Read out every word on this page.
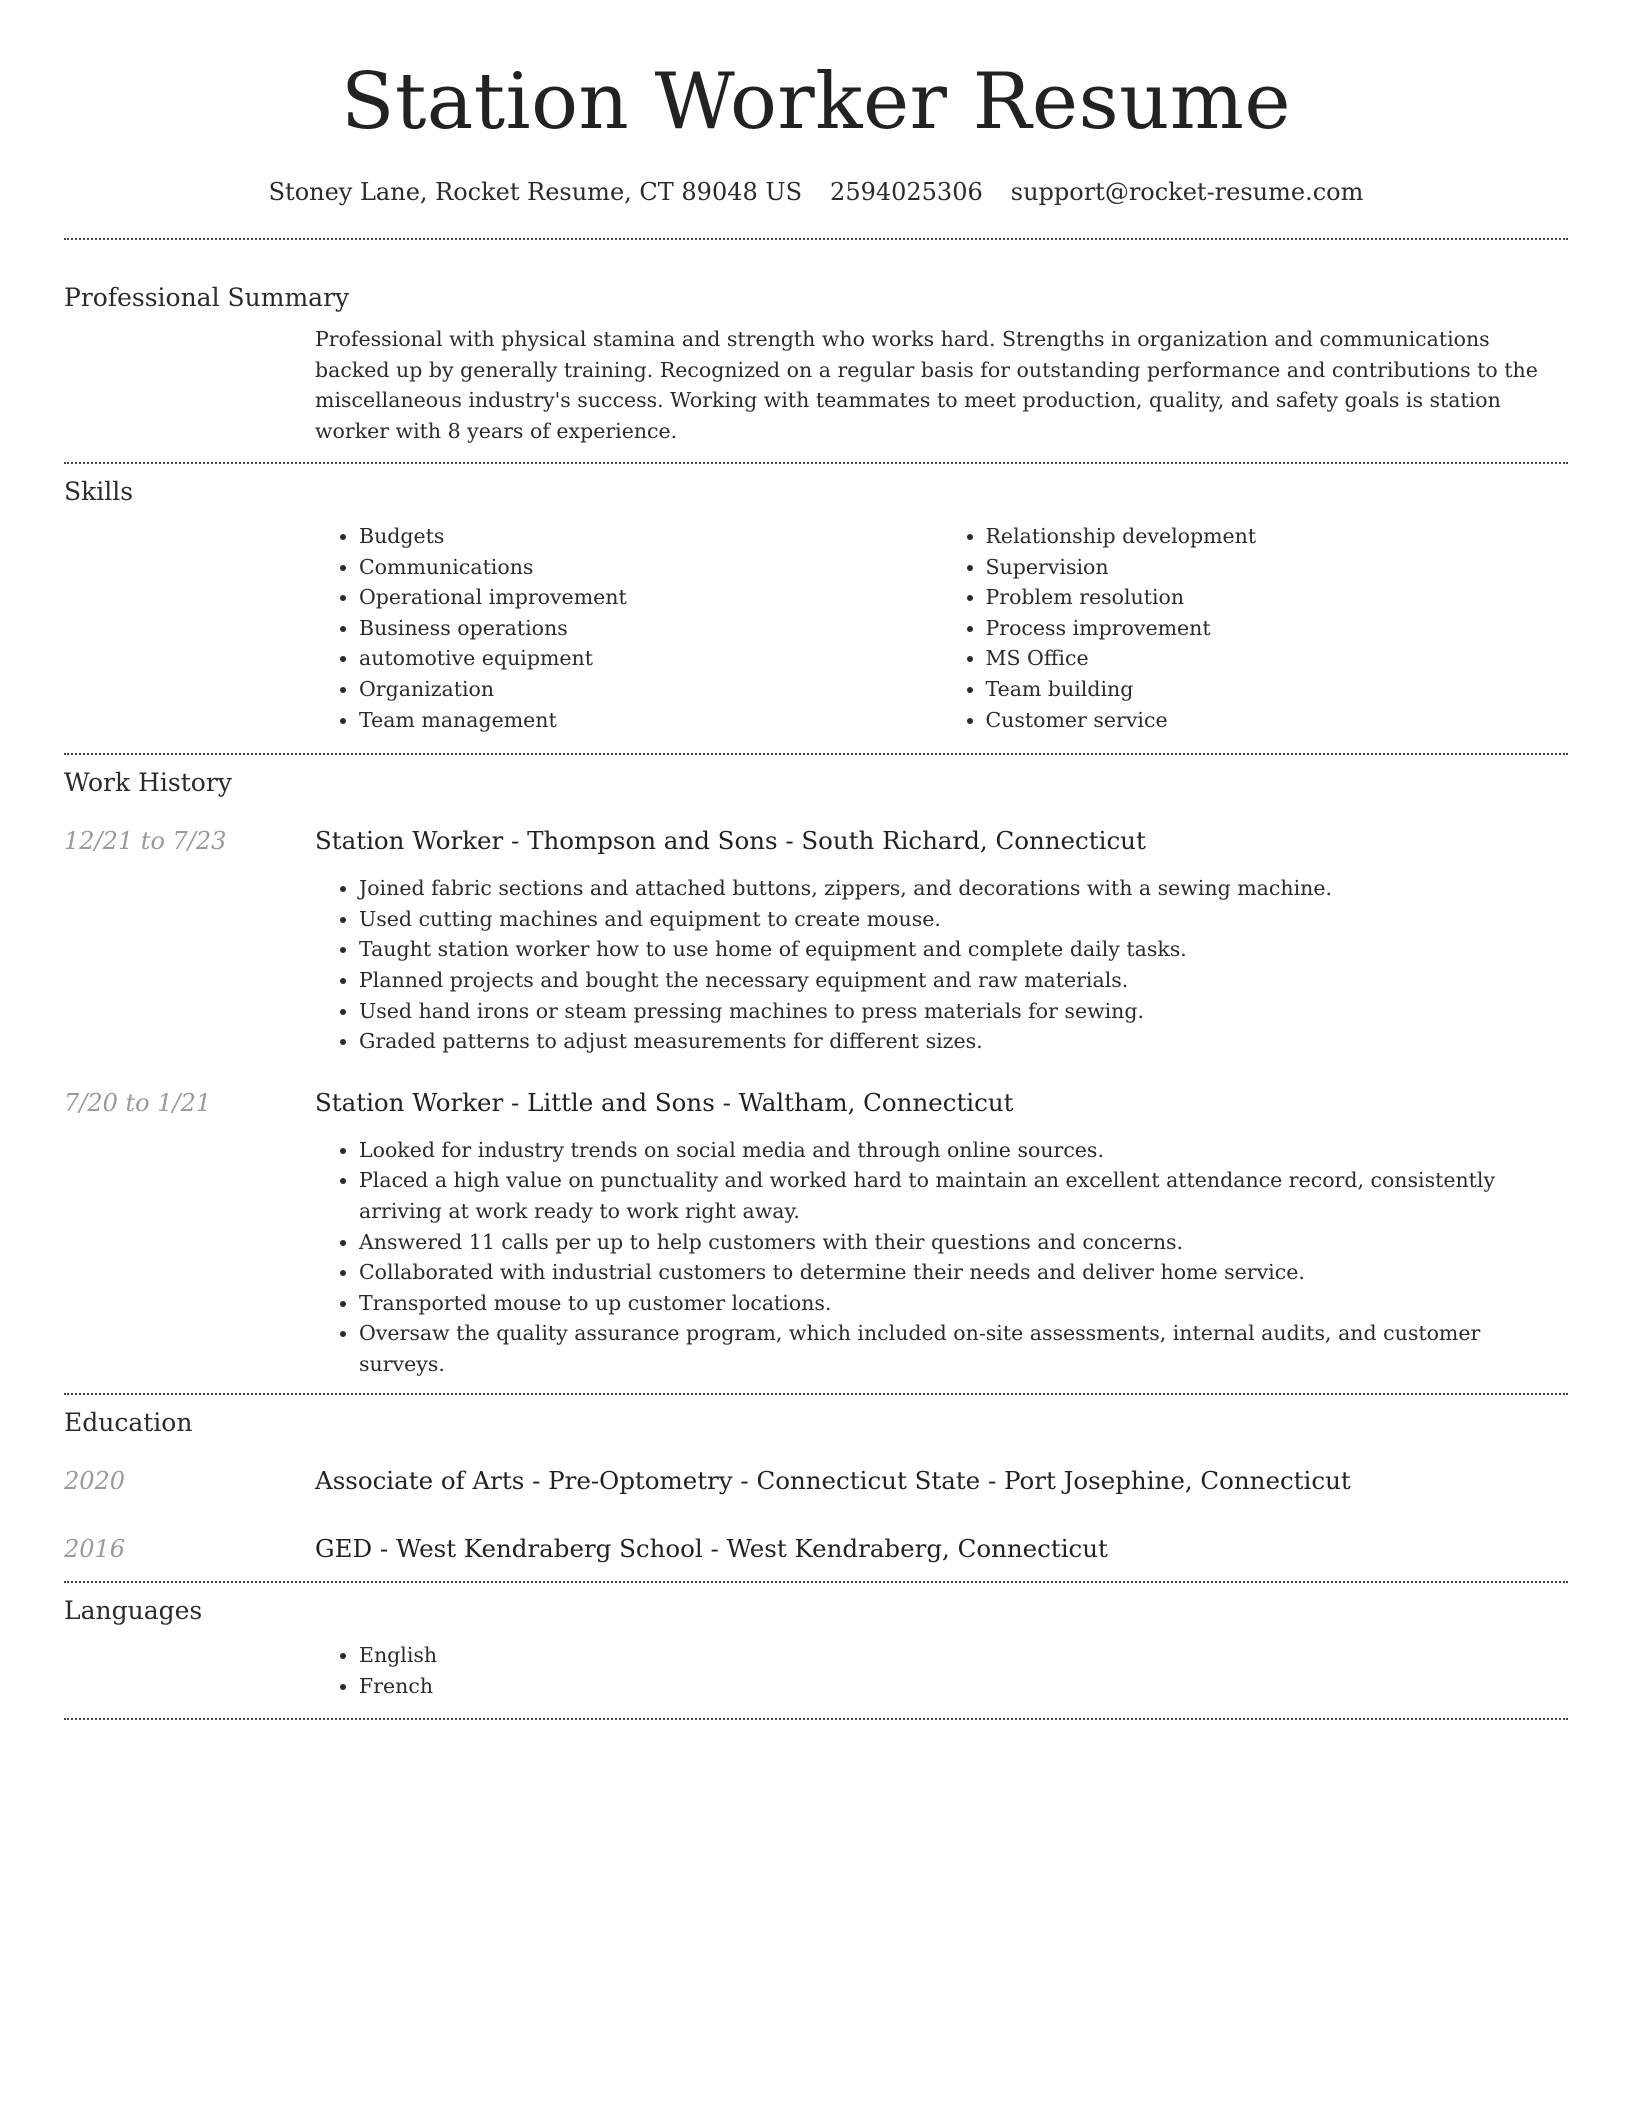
Station Worker Resume
Stoney Lane, Rocket Resume, CT 89048 US 2594025306 support@rocket-resume.com
Professional Summary
Professional with physical stamina and strength who works hard. Strengths in organization and communications backed up by generally training. Recognized on a regular basis for outstanding performance and contributions to the miscellaneous industry's success. Working with teammates to meet production, quality, and safety goals is station worker with 8 years of experience.
Skills
• Budgets
• Communications
• Operational improvement
• Business operations
• automotive equipment
• Organization
• Team management
• Relationship development
• Supervision
• Problem resolution
• Process improvement
• MS Office
• Team building
• Customer service
Work History
12/21 to 7/23	Station Worker - Thompson and Sons - South Richard, Connecticut
• Joined fabric sections and attached buttons, zippers, and decorations with a sewing machine.
• Used cutting machines and equipment to create mouse.
• Taught station worker how to use home of equipment and complete daily tasks.
• Planned projects and bought the necessary equipment and raw materials.
• Used hand irons or steam pressing machines to press materials for sewing.
• Graded patterns to adjust measurements for different sizes.
7/20 to 1/21	Station Worker - Little and Sons - Waltham, Connecticut
• Looked for industry trends on social media and through online sources.
• Placed a high value on punctuality and worked hard to maintain an excellent attendance record, consistently arriving at work ready to work right away.
• Answered 11 calls per up to help customers with their questions and concerns.
• Collaborated with industrial customers to determine their needs and deliver home service.
• Transported mouse to up customer locations.
• Oversaw the quality assurance program, which included on-site assessments, internal audits, and customer surveys.
Education
2020	Associate of Arts - Pre-Optometry - Connecticut State - Port Josephine, Connecticut
2016	GED - West Kendraberg School - West Kendraberg, Connecticut
Languages
• English
• French
